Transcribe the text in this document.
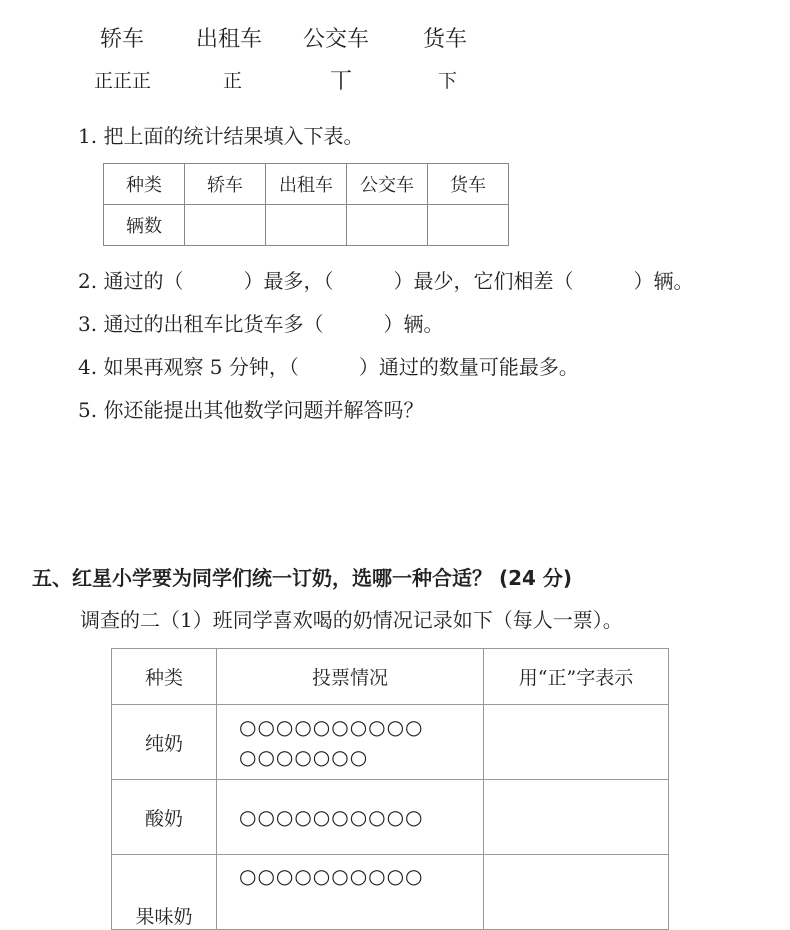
轿车 出租车 公交车 货车
正正正	正	丅	下
1. 把上面的统计结果填入下表。
种类	轿车	出租车	公交车	货车
辆数				
2. 通过的（　　　）最多，（　　　）最少，它们相差（　　　）辆。
3. 通过的出租车比货车多（　　　）辆。
4. 如果再观察 5 分钟，（　　　）通过的数量可能最多。
5. 你还能提出其他数学问题并解答吗？
五、红星小学要为同学们统一订奶，选哪一种合适？ (24 分)
调查的二（1）班同学喜欢喝的奶情况记录如下（每人一票）。
种类	投票情况	用“正”字表示
纯奶	○○○○○○○○○○
○○○○○○○	

酸奶	○○○○○○○○○○	

果味奶	○○○○○○○○○○	
